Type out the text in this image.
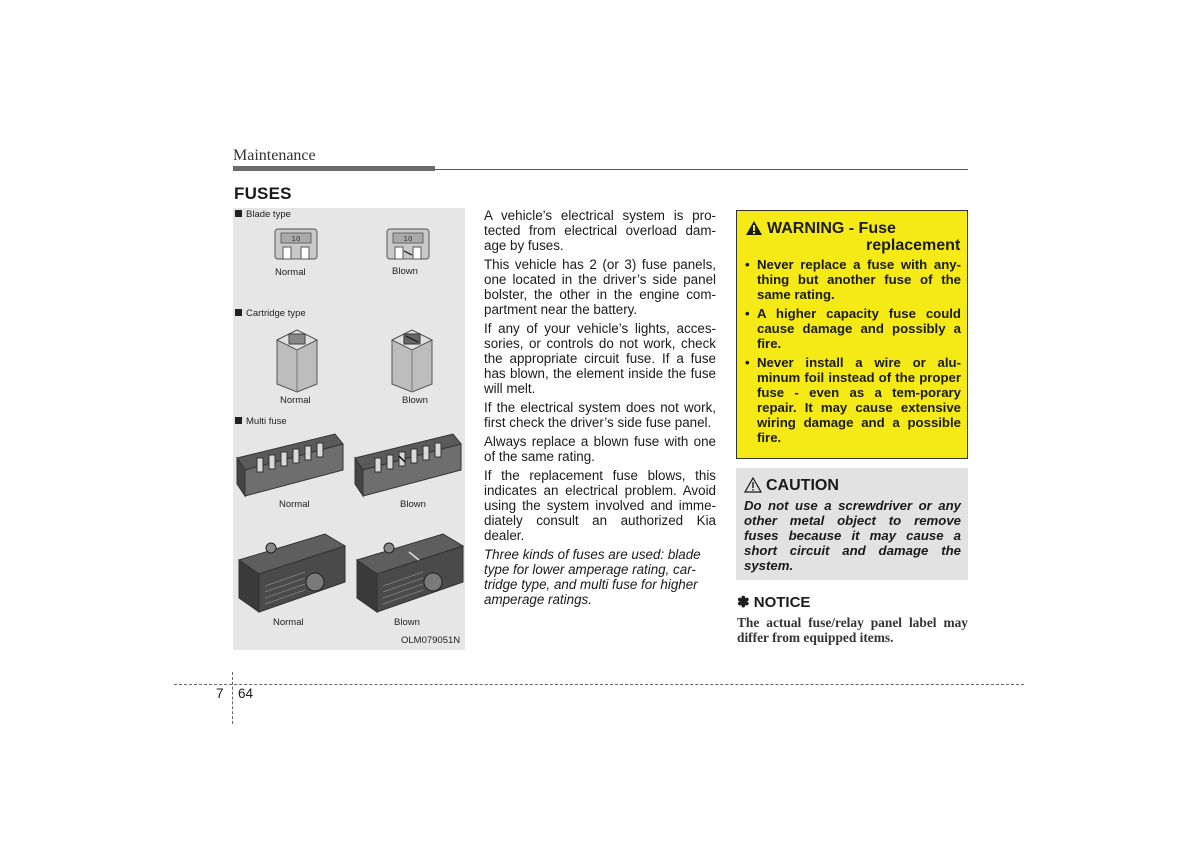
Maintenance
FUSES
Blade type
10
Normal
10
Blown
Cartridge type
Normal	Blown
Multi fuse
Normal	Blown
Normal	Blown
OLM079051N

A vehicle’s electrical system is pro-tected from electrical overload dam-age by fuses.

This vehicle has 2 (or 3) fuse panels, one located in the driver’s side panel bolster, the other in the engine com-partment near the battery.

If any of your vehicle’s lights, acces-sories, or controls do not work, check the appropriate circuit fuse. If a fuse has blown, the element inside the fuse will melt.

If the electrical system does not work, first check the driver’s side fuse panel.

Always replace a blown fuse with one of the same rating.

If the replacement fuse blows, this indicates an electrical problem. Avoid using the system involved and imme-diately consult an authorized Kia dealer.

Three kinds of fuses are used: blade type for lower amperage rating, car-tridge type, and multi fuse for higher amperage ratings.

WARNING - Fuse
replacement
• Never replace a fuse with any-thing but another fuse of the same rating.
• A higher capacity fuse could cause damage and possibly a fire.
• Never install a wire or alu-minum foil instead of the proper fuse - even as a tem-porary repair. It may cause extensive wiring damage and a possible fire.
CAUTION
Do not use a screwdriver or any other metal object to remove fuses because it may cause a short circuit and damage the system.
✽ NOTICE
The actual fuse/relay panel label may differ from equipped items.
7 64
